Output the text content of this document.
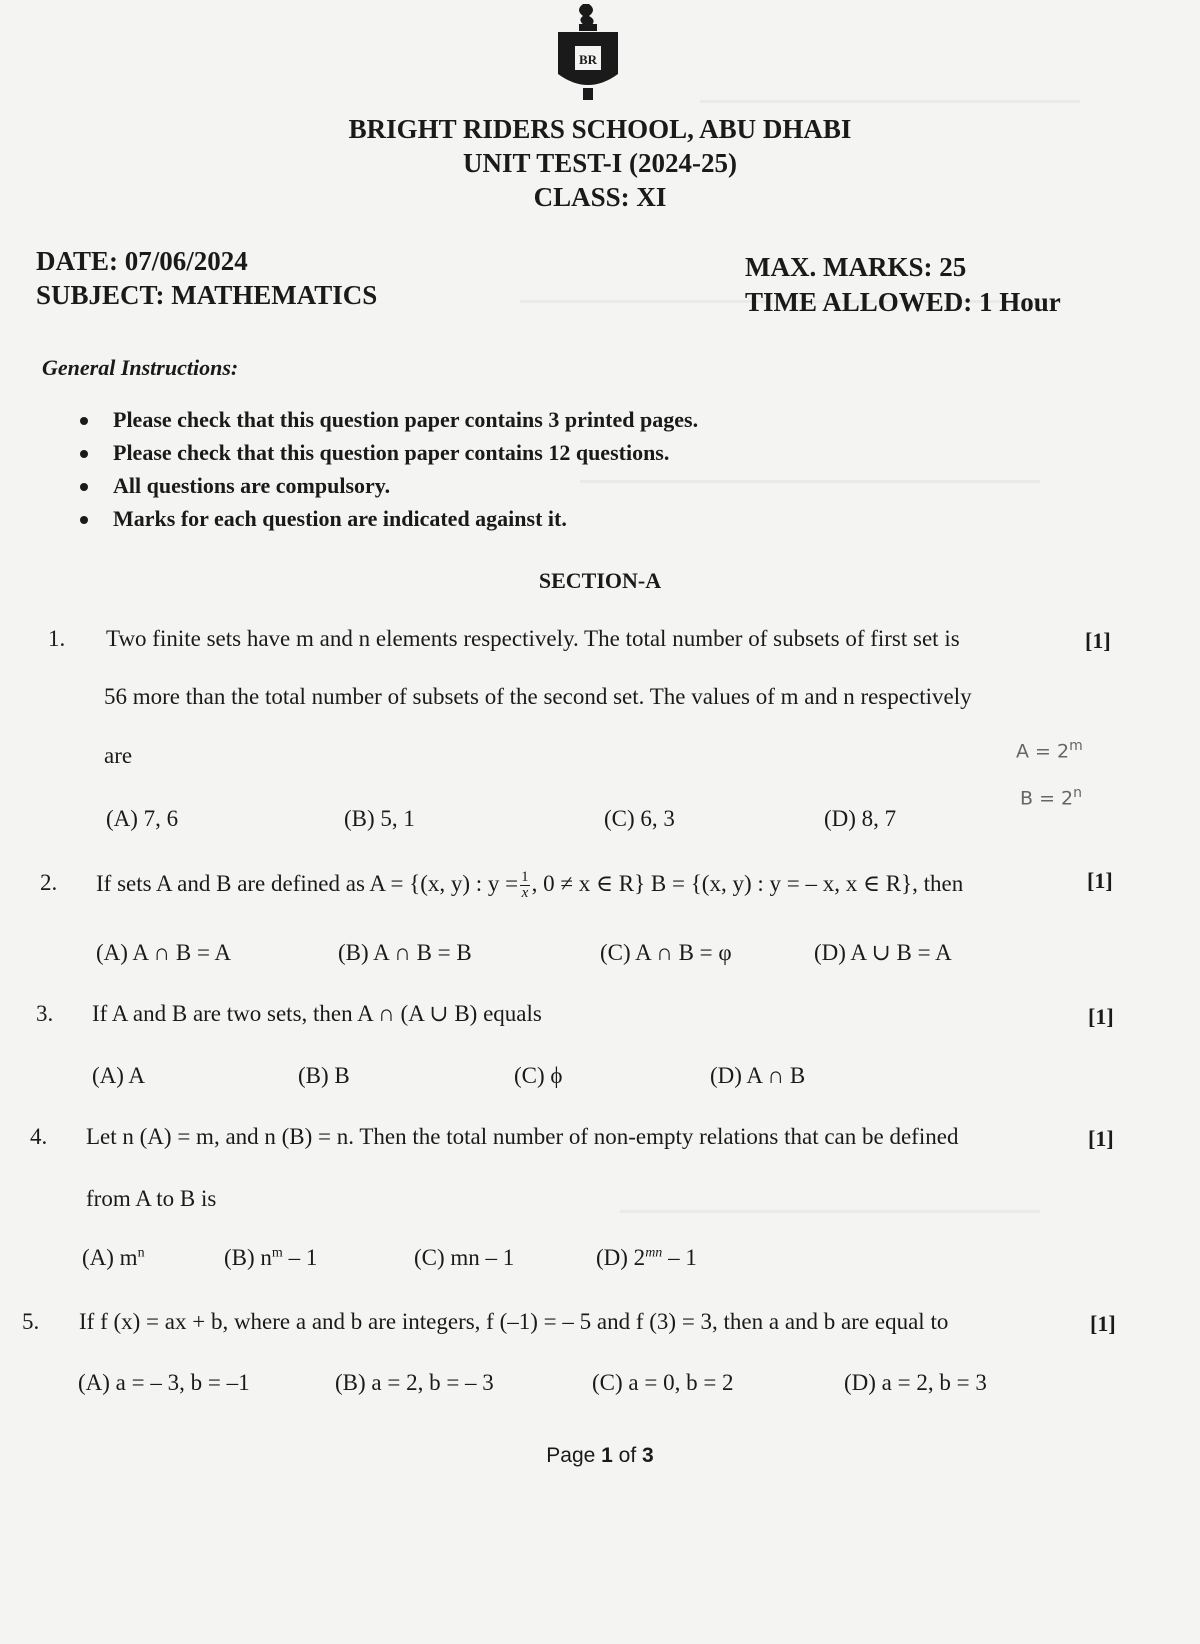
BR
BRIGHT RIDERS SCHOOL, ABU DHABI
UNIT TEST-I (2024-25)
CLASS: XI
DATE: 07/06/2024
SUBJECT: MATHEMATICS
MAX. MARKS: 25
TIME ALLOWED: 1 Hour
General Instructions:
Please check that this question paper contains 3 printed pages.
Please check that this question paper contains 12 questions.
All questions are compulsory.
Marks for each question are indicated against it.
SECTION-A
1. Two finite sets have m and n elements respectively. The total number of subsets of first set is
56 more than the total number of subsets of the second set. The values of m and n respectively
are
[1]
(A) 7, 6	(B) 5, 1	(C) 6, 3	(D) 8, 7
$A = 2^m$
$B = 2^n$
2. If sets A and B are defined as A = {(x, y) : $y = \frac{1}{x}$ , 0 ≠ x ∈ R} B = {(x, y) : y = – x, x ∈ R}, then	[1]
(A) A ∩ B = A	(B) A ∩ B = B	(C) A ∩ B = φ	(D) A ∪ B = A
3. If A and B are two sets, then A ∩ (A ∪ B) equals	[1]
(A) A	(B) B	(C) ϕ	(D) A ∩ B
4. Let n (A) = m, and n (B) = n. Then the total number of non-empty relations that can be defined
from A to B is
[1]
(A) $m^n$	(B) $n^m - 1$	(C) mn – 1	(D) $2^{mn} - 1$
5. If f (x) = ax + b, where a and b are integers, f (–1) = – 5 and f (3) = 3, then a and b are equal to	[1]
(A) a = – 3, b = –1	(B) a = 2, b = – 3	(C) a = 0, b = 2	(D) a = 2, b = 3
Page 1 of 3
